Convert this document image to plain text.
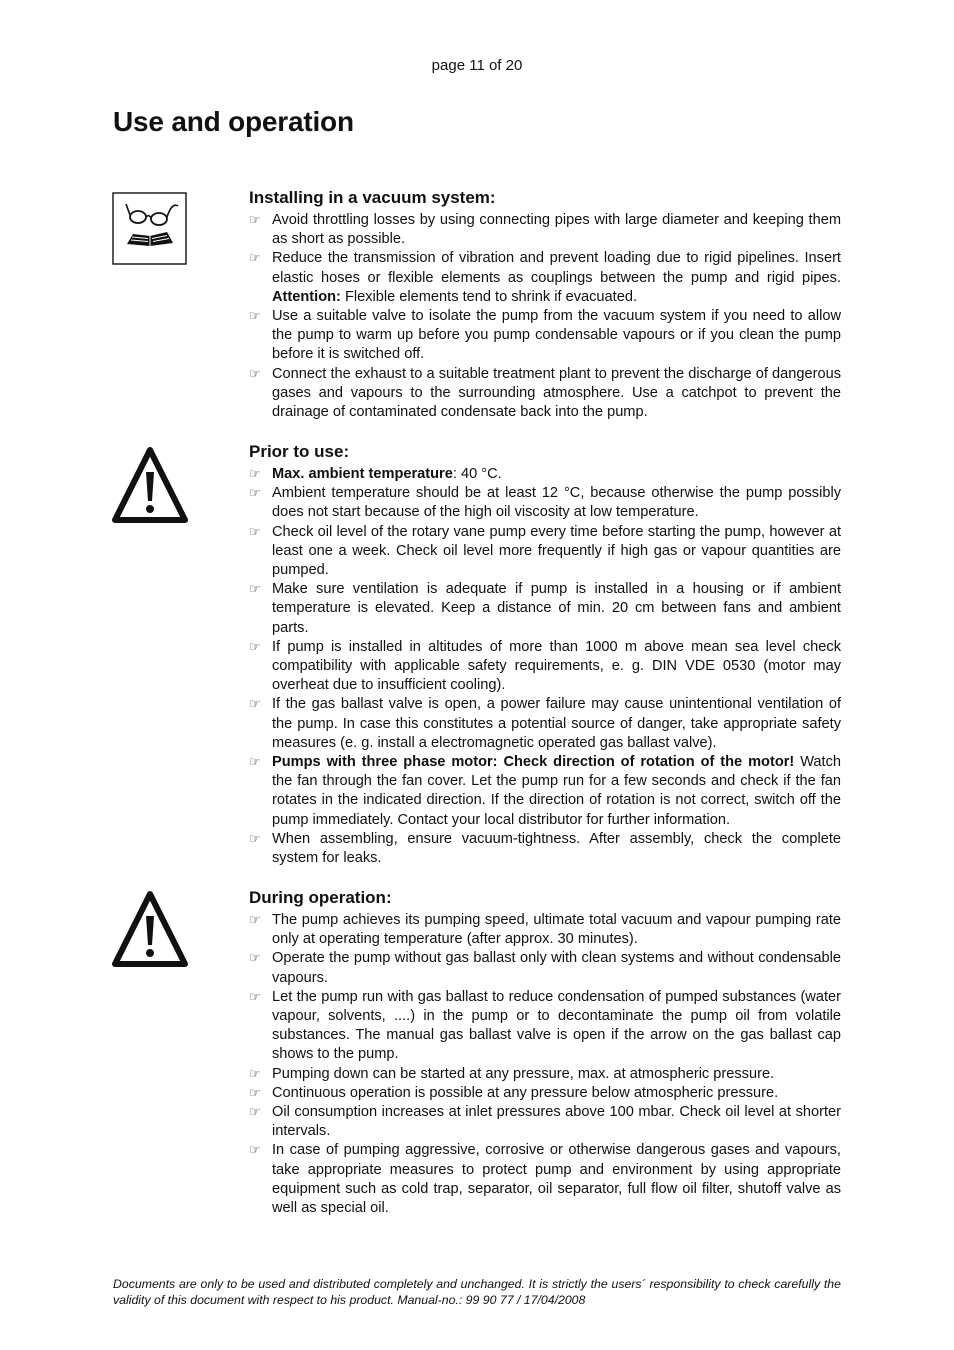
page 11 of 20
Use and operation
Installing in a vacuum system:
☞ Avoid throttling losses by using connecting pipes with large diameter and keeping them as short as possible.
☞ Reduce the transmission of vibration and prevent loading due to rigid pipelines. Insert elastic hoses or flexible elements as couplings between the pump and rigid pipes. Attention: Flexible elements tend to shrink if evacuated.
☞ Use a suitable valve to isolate the pump from the vacuum system if you need to allow the pump to warm up before you pump condensable vapours or if you clean the pump before it is switched off.
☞ Connect the exhaust to a suitable treatment plant to prevent the discharge of dangerous gases and vapours to the surrounding atmosphere. Use a catchpot to prevent the drainage of contaminated condensate back into the pump.
Prior to use:
☞ Max. ambient temperature: 40 °C.
☞ Ambient temperature should be at least 12 °C, because otherwise the pump possibly does not start because of the high oil viscosity at low temperature.
☞ Check oil level of the rotary vane pump every time before starting the pump, however at least one a week. Check oil level more frequently if high gas or vapour quantities are pumped.
☞ Make sure ventilation is adequate if pump is installed in a housing or if ambient temperature is elevated. Keep a distance of min. 20 cm between fans and ambient parts.
☞ If pump is installed in altitudes of more than 1000 m above mean sea level check compatibility with applicable safety requirements, e. g. DIN VDE 0530 (motor may overheat due to insufficient cooling).
☞ If the gas ballast valve is open, a power failure may cause unintentional ventilation of the pump. In case this constitutes a potential source of danger, take appropriate safety measures (e. g. install a electromagnetic operated gas ballast valve).
☞ Pumps with three phase motor: Check direction of rotation of the motor! Watch the fan through the fan cover. Let the pump run for a few seconds and check if the fan rotates in the indicated direction. If the direction of rotation is not correct, switch off the pump immediately. Contact your local distributor for further information.
☞ When assembling, ensure vacuum-tightness. After assembly, check the complete system for leaks.
During operation:
☞ The pump achieves its pumping speed, ultimate total vacuum and vapour pumping rate only at operating temperature (after approx. 30 minutes).
☞ Operate the pump without gas ballast only with clean systems and without condensable vapours.
☞ Let the pump run with gas ballast to reduce condensation of pumped substances (water vapour, solvents, ....) in the pump or to decontaminate the pump oil from volatile substances. The manual gas ballast valve is open if the arrow on the gas ballast cap shows to the pump.
☞ Pumping down can be started at any pressure, max. at atmospheric pressure.
☞ Continuous operation is possible at any pressure below atmospheric pressure.
☞ Oil consumption increases at inlet pressures above 100 mbar. Check oil level at shorter intervals.
☞ In case of pumping aggressive, corrosive or otherwise dangerous gases and vapours, take appropriate measures to protect pump and environment by using appropriate equipment such as cold trap, separator, oil separator, full flow oil filter, shutoff valve as well as special oil.
Documents are only to be used and distributed completely and unchanged. It is strictly the users´ responsibility to check carefully the validity of this document with respect to his product. Manual-no.: 99 90 77 / 17/04/2008
